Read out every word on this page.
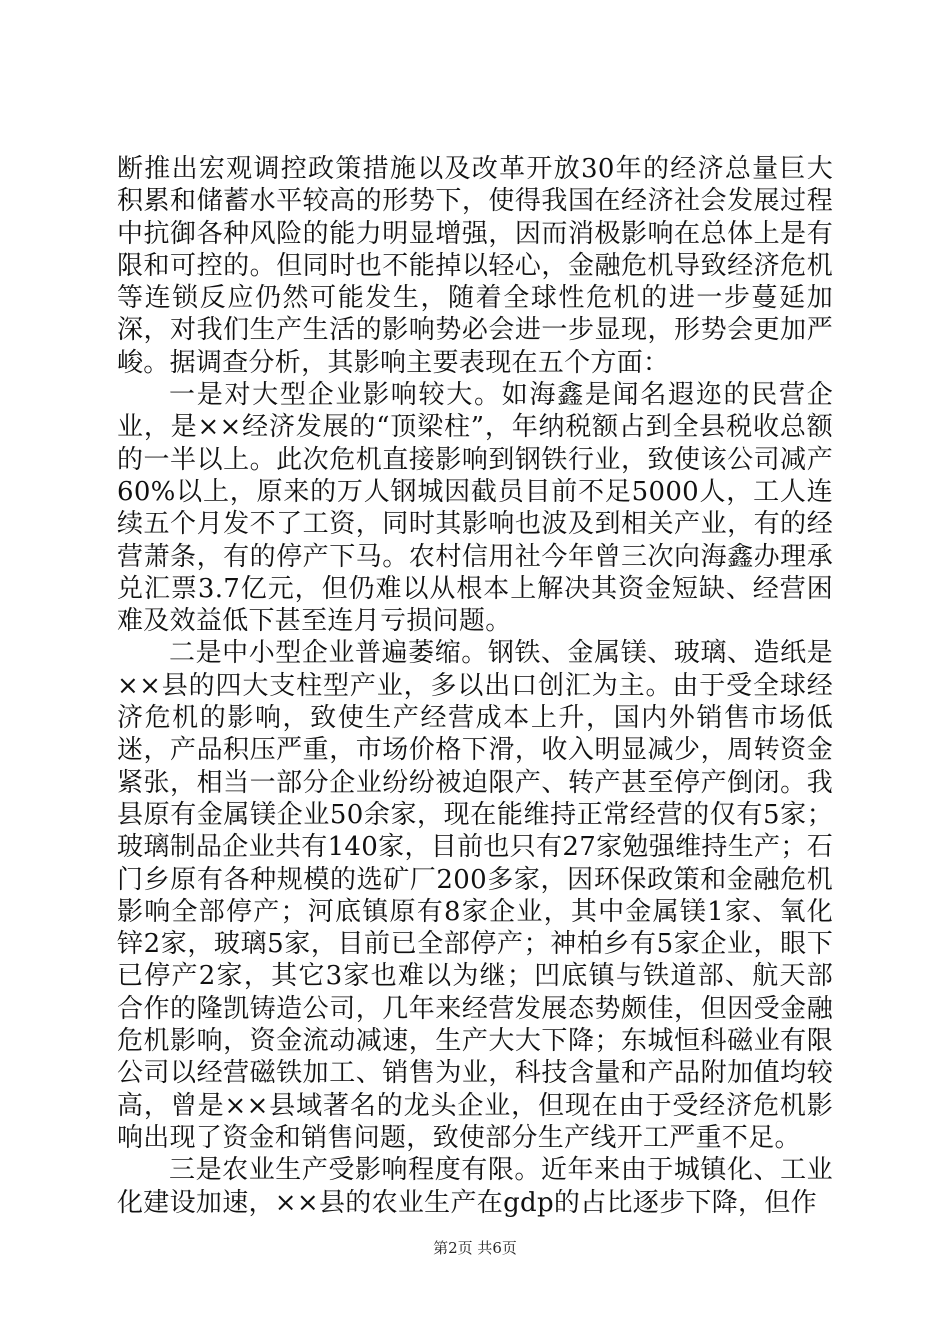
断推出宏观调控政策措施以及改革开放30年的经济总量巨大积累和储蓄水平较高的形势下，使得我国在经济社会发展过程中抗御各种风险的能力明显增强，因而消极影响在总体上是有限和可控的。但同时也不能掉以轻心，金融危机导致经济危机等连锁反应仍然可能发生，随着全球性危机的进一步蔓延加深，对我们生产生活的影响势必会进一步显现，形势会更加严峻。据调查分析，其影响主要表现在五个方面：

一是对大型企业影响较大。如海鑫是闻名遐迩的民营企业，是××经济发展的“顶梁柱”，年纳税额占到全县税收总额的一半以上。此次危机直接影响到钢铁行业，致使该公司减产60%以上，原来的万人钢城因截员目前不足5000人，工人连续五个月发不了工资，同时其影响也波及到相关产业，有的经营萧条，有的停产下马。农村信用社今年曾三次向海鑫办理承兑汇票3.7亿元，但仍难以从根本上解决其资金短缺、经营困难及效益低下甚至连月亏损问题。

二是中小型企业普遍萎缩。钢铁、金属镁、玻璃、造纸是××县的四大支柱型产业，多以出口创汇为主。由于受全球经济危机的影响，致使生产经营成本上升，国内外销售市场低迷，产品积压严重，市场价格下滑，收入明显减少，周转资金紧张，相当一部分企业纷纷被迫限产、转产甚至停产倒闭。我县原有金属镁企业50余家，现在能维持正常经营的仅有5家；玻璃制品企业共有140家，目前也只有27家勉强维持生产；石门乡原有各种规模的选矿厂200多家，因环保政策和金融危机影响全部停产；河底镇原有8家企业，其中金属镁1家、氧化锌2家，玻璃5家，目前已全部停产；神柏乡有5家企业，眼下已停产2家，其它3家也难以为继；凹底镇与铁道部、航天部合作的隆凯铸造公司，几年来经营发展态势颇佳，但因受金融危机影响，资金流动减速，生产大大下降；东城恒科磁业有限公司以经营磁铁加工、销售为业，科技含量和产品附加值均较高，曾是××县域著名的龙头企业，但现在由于受经济危机影响出现了资金和销售问题，致使部分生产线开工严重不足。

三是农业生产受影响程度有限。近年来由于城镇化、工业化建设加速，××县的农业生产在gdp的占比逐步下降，但作

第2页 共6页
